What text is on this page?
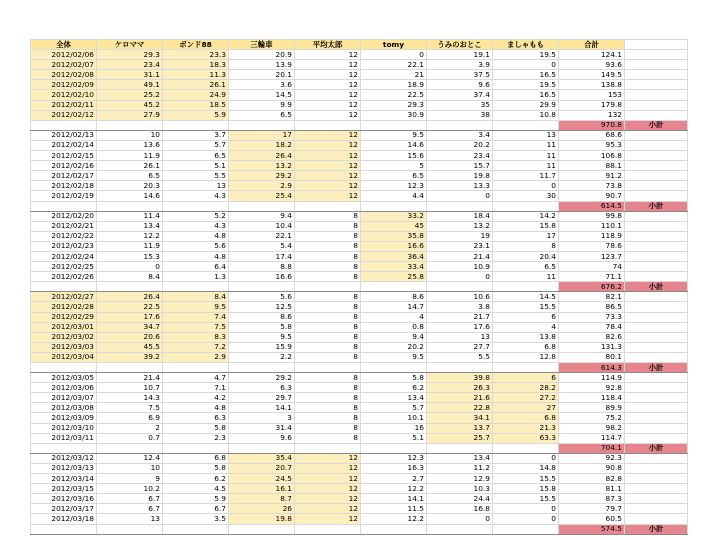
全体	ケロママ	ボンド88	三輪車	平均太郎	tomy	うみのおとこ	ましゃもも	合計	
2012/02/06	29.3	23.3	20.9	12	0	19.1	19.5	124.1	
2012/02/07	23.4	18.3	13.9	12	22.1	3.9	0	93.6	
2012/02/08	31.1	11.3	20.1	12	21	37.5	16.5	149.5	
2012/02/09	49.1	26.1	3.6	12	18.9	9.6	19.5	138.8	
2012/02/10	25.2	24.9	14.5	12	22.5	37.4	16.5	153	
2012/02/11	45.2	18.5	9.9	12	29.3	35	29.9	179.8	
2012/02/12	27.9	5.9	6.5	12	30.9	38	10.8	132	
								970.8	小計
2012/02/13	10	3.7	17	12	9.5	3.4	13	68.6	
2012/02/14	13.6	5.7	18.2	12	14.6	20.2	11	95.3	
2012/02/15	11.9	6.5	26.4	12	15.6	23.4	11	106.8	
2012/02/16	26.1	5.1	13.2	12	5	15.7	11	88.1	
2012/02/17	6.5	5.5	29.2	12	6.5	19.8	11.7	91.2	
2012/02/18	20.3	13	2.9	12	12.3	13.3	0	73.8	
2012/02/19	14.6	4.3	25.4	12	4.4	0	30	90.7	
								614.5	小計
2012/02/20	11.4	5.2	9.4	8	33.2	18.4	14.2	99.8	
2012/02/21	13.4	4.3	10.4	8	45	13.2	15.8	110.1	
2012/02/22	12.2	4.8	22.1	8	35.8	19	17	118.9	
2012/02/23	11.9	5.6	5.4	8	16.6	23.1	8	78.6	
2012/02/24	15.3	4.8	17.4	8	36.4	21.4	20.4	123.7	
2012/02/25	0	6.4	8.8	8	33.4	10.9	6.5	74	
2012/02/26	8.4	1.3	16.6	8	25.8	0	11	71.1	
								676.2	小計
2012/02/27	26.4	8.4	5.6	8	8.6	10.6	14.5	82.1	
2012/02/28	22.5	9.5	12.5	8	14.7	3.8	15.5	86.5	
2012/02/29	17.6	7.4	8.6	8	4	21.7	6	73.3	
2012/03/01	34.7	7.5	5.8	8	0.8	17.6	4	78.4	
2012/03/02	20.6	8.3	9.5	8	9.4	13	13.8	82.6	
2012/03/03	45.5	7.2	15.9	8	20.2	27.7	6.8	131.3	
2012/03/04	39.2	2.9	2.2	8	9.5	5.5	12.8	80.1	
								614.3	小計
2012/03/05	21.4	4.7	29.2	8	5.8	39.8	6	114.9	
2012/03/06	10.7	7.1	6.3	8	6.2	26.3	28.2	92.8	
2012/03/07	14.3	4.2	29.7	8	13.4	21.6	27.2	118.4	
2012/03/08	7.5	4.8	14.1	8	5.7	22.8	27	89.9	
2012/03/09	6.9	6.3	3	8	10.1	34.1	6.8	75.2	
2012/03/10	2	5.8	31.4	8	16	13.7	21.3	98.2	
2012/03/11	0.7	2.3	9.6	8	5.1	25.7	63.3	114.7	
								704.1	小計
2012/03/12	12.4	6.8	35.4	12	12.3	13.4	0	92.3	
2012/03/13	10	5.8	20.7	12	16.3	11.2	14.8	90.8	
2012/03/14	9	6.2	24.5	12	2.7	12.9	15.5	82.8	
2012/03/15	10.2	4.5	16.1	12	12.2	10.3	15.8	81.1	
2012/03/16	6.7	5.9	8.7	12	14.1	24.4	15.5	87.3	
2012/03/17	6.7	6.7	26	12	11.5	16.8	0	79.7	
2012/03/18	13	3.5	19.8	12	12.2	0	0	60.5	
								574.5	小計
